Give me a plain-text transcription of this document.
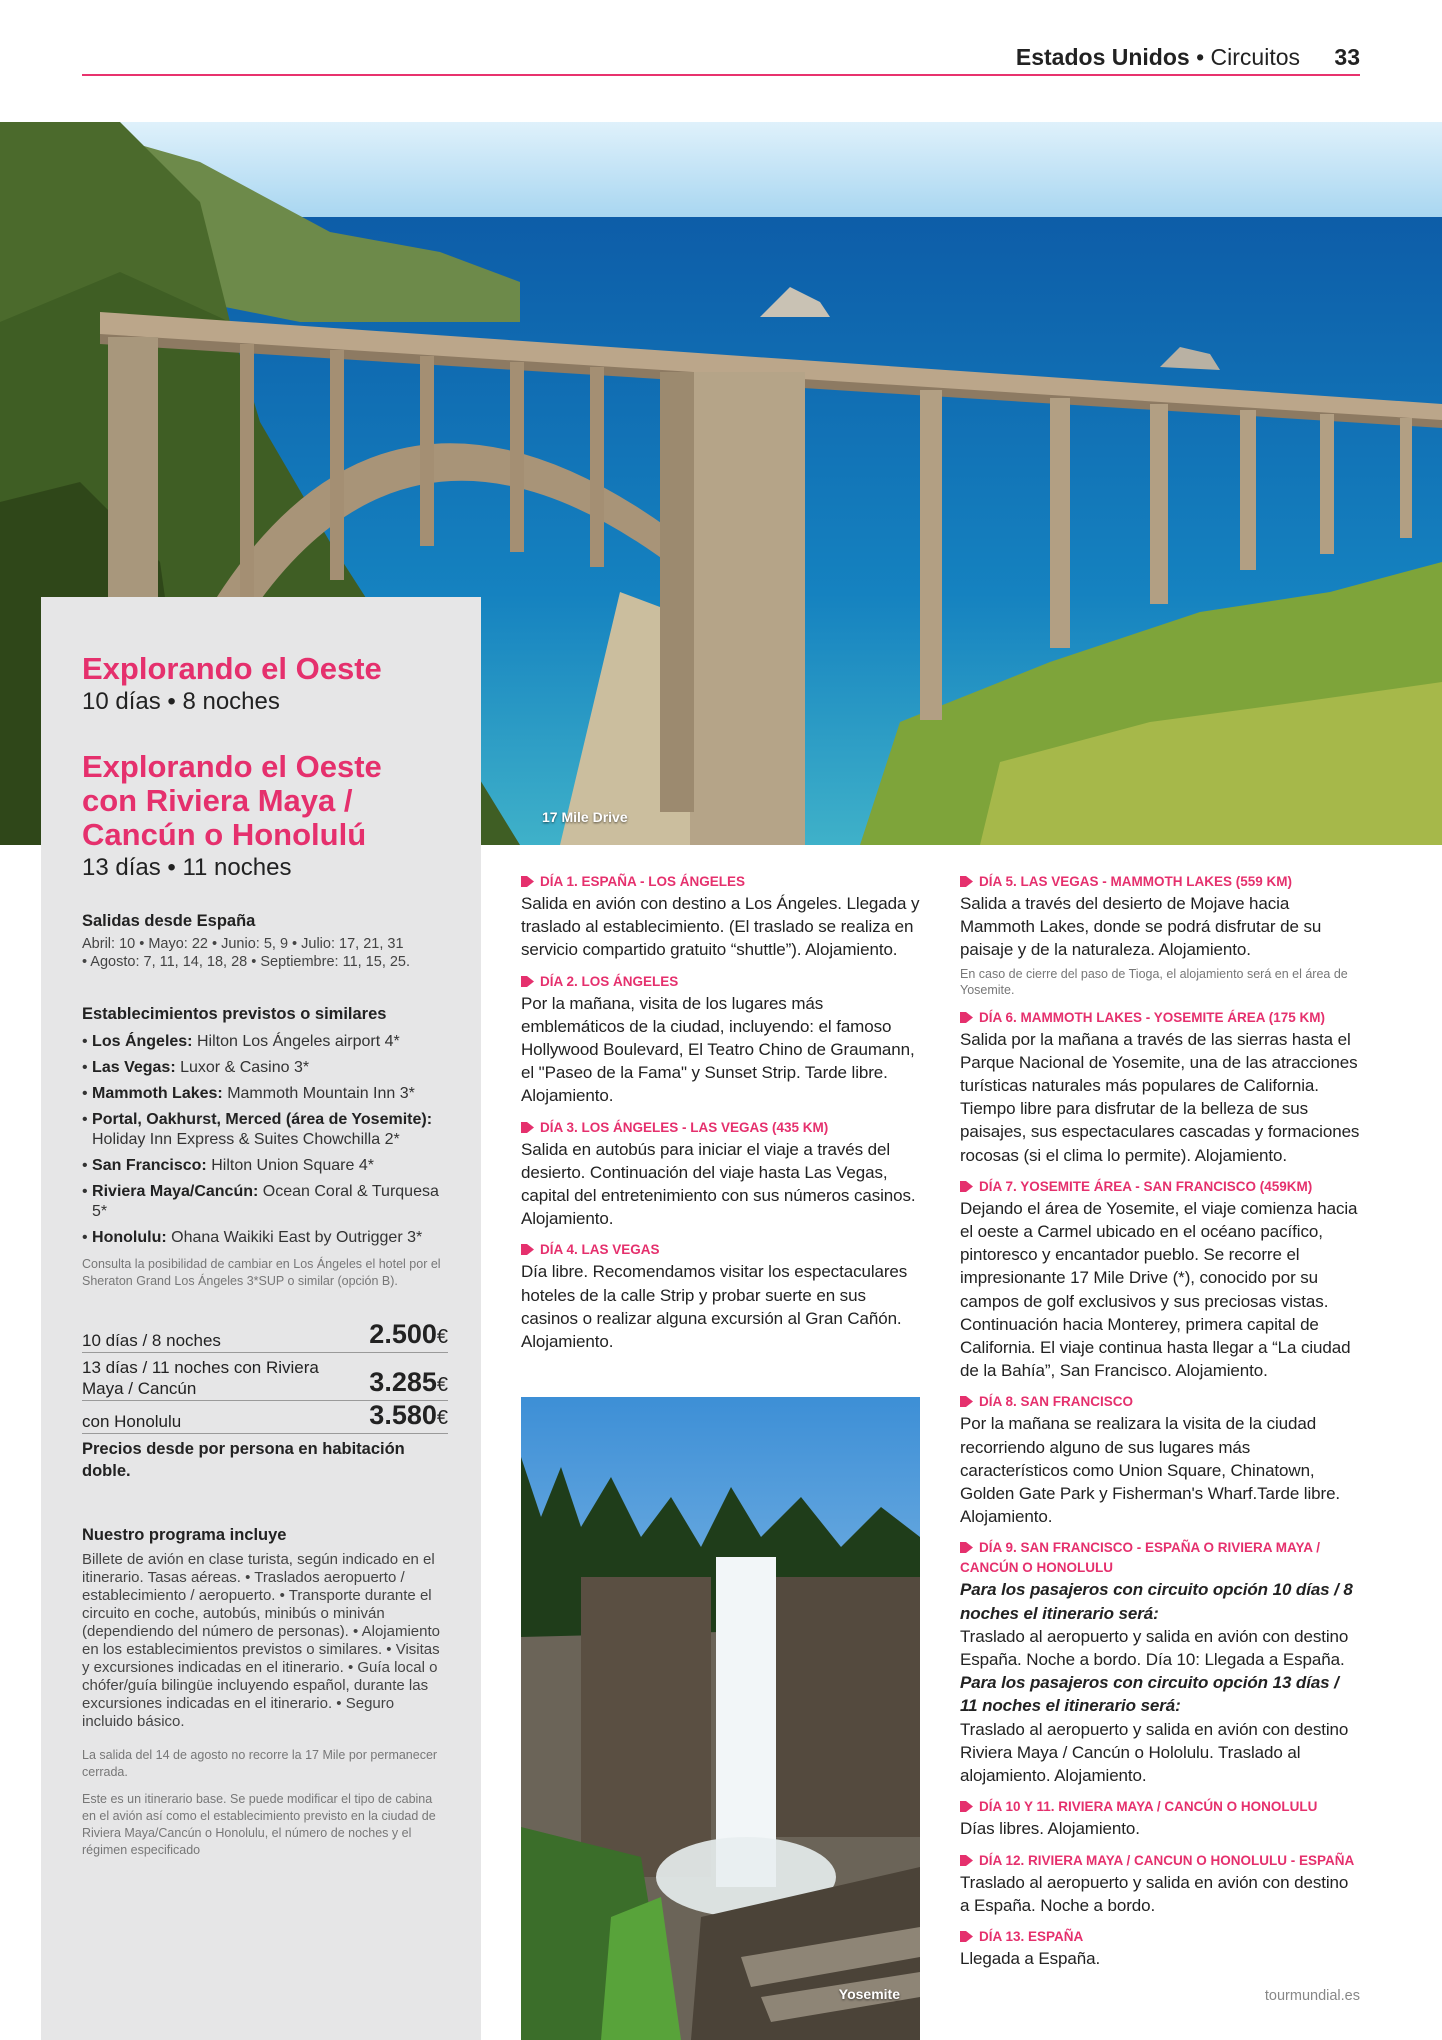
Estados Unidos • Circuitos 33
17 Mile Drive
Explorando el Oeste
10 días • 8 noches
Explorando el Oeste
con Riviera Maya /
Cancún o Honolulú
13 días • 11 noches
Salidas desde España
Abril: 10 • Mayo: 22 • Junio: 5, 9 • Julio: 17, 21, 31
• Agosto: 7, 11, 14, 18, 28 • Septiembre: 11, 15, 25.
Establecimientos previstos o similares
• Los Ángeles: Hilton Los Ángeles airport 4*
• Las Vegas: Luxor & Casino 3*
• Mammoth Lakes: Mammoth Mountain Inn 3*
• Portal, Oakhurst, Merced (área de Yosemite): Holiday Inn Express & Suites Chowchilla 2*
• San Francisco: Hilton Union Square 4*
• Riviera Maya/Cancún: Ocean Coral & Turquesa 5*
• Honolulu: Ohana Waikiki East by Outrigger 3*
Consulta la posibilidad de cambiar en Los Ángeles el hotel por el Sheraton Grand Los Ángeles 3*SUP o similar (opción B).
10 días / 8 noches	2.500€
13 días / 11 noches con Riviera Maya / Cancún	3.285€
con Honolulu	3.580€
Precios desde por persona en habitación doble.
Nuestro programa incluye
Billete de avión en clase turista, según indicado en el itinerario. Tasas aéreas. • Traslados aeropuerto / establecimiento / aeropuerto. • Transporte durante el circuito en coche, autobús, minibús o miniván (dependiendo del número de personas). • Alojamiento en los establecimientos previstos o similares. • Visitas y excursiones indicadas en el itinerario. • Guía local o chófer/guía bilingüe incluyendo español, durante las excursiones indicadas en el itinerario. • Seguro incluido básico.
La salida del 14 de agosto no recorre la 17 Mile por permanecer cerrada.
Este es un itinerario base. Se puede modificar el tipo de cabina en el avión así como el establecimiento previsto en la ciudad de Riviera Maya/Cancún o Honolulu, el número de noches y el régimen especificado
DÍA 1. ESPAÑA - LOS ÁNGELES
Salida en avión con destino a Los Ángeles. Llegada y traslado al establecimiento. (El traslado se realiza en servicio compartido gratuito “shuttle”). Alojamiento.
DÍA 2. LOS ÁNGELES
Por la mañana, visita de los lugares más emblemáticos de la ciudad, incluyendo: el famoso Hollywood Boulevard, El Teatro Chino de Graumann, el "Paseo de la Fama" y Sunset Strip. Tarde libre. Alojamiento.
DÍA 3. LOS ÁNGELES - LAS VEGAS (435 KM)
Salida en autobús para iniciar el viaje a través del desierto. Continuación del viaje hasta Las Vegas, capital del entretenimiento con sus números casinos. Alojamiento.
DÍA 4. LAS VEGAS
Día libre. Recomendamos visitar los espectaculares hoteles de la calle Strip y probar suerte en sus casinos o realizar alguna excursión al Gran Cañón. Alojamiento.
Yosemite
DÍA 5. LAS VEGAS - MAMMOTH LAKES (559 KM)
Salida a través del desierto de Mojave hacia Mammoth Lakes, donde se podrá disfrutar de su paisaje y de la naturaleza. Alojamiento.
En caso de cierre del paso de Tioga, el alojamiento será en el área de Yosemite.
DÍA 6. MAMMOTH LAKES - YOSEMITE ÁREA (175 KM)
Salida por la mañana a través de las sierras hasta el Parque Nacional de Yosemite, una de las atracciones turísticas naturales más populares de California. Tiempo libre para disfrutar de la belleza de sus paisajes, sus espectaculares cascadas y formaciones rocosas (si el clima lo permite). Alojamiento.
DÍA 7. YOSEMITE ÁREA - SAN FRANCISCO (459KM)
Dejando el área de Yosemite, el viaje comienza hacia el oeste a Carmel ubicado en el océano pacífico, pintoresco y encantador pueblo. Se recorre el impresionante 17 Mile Drive (*), conocido por su campos de golf exclusivos y sus preciosas vistas. Continuación hacia Monterey, primera capital de California. El viaje continua hasta llegar a “La ciudad de la Bahía”, San Francisco. Alojamiento.
DÍA 8. SAN FRANCISCO
Por la mañana se realizara la visita de la ciudad recorriendo alguno de sus lugares más característicos como Union Square, Chinatown, Golden Gate Park y Fisherman's Wharf.Tarde libre. Alojamiento.
DÍA 9. SAN FRANCISCO - ESPAÑA O RIVIERA MAYA / CANCÚN O HONOLULU
Para los pasajeros con circuito opción 10 días / 8 noches el itinerario será:
Traslado al aeropuerto y salida en avión con destino España. Noche a bordo. Día 10: Llegada a España.
Para los pasajeros con circuito opción 13 días / 11 noches el itinerario será:
Traslado al aeropuerto y salida en avión con destino Riviera Maya / Cancún o Hololulu. Traslado al alojamiento. Alojamiento.
DÍA 10 Y 11. RIVIERA MAYA / CANCÚN O HONOLULU
Días libres. Alojamiento.
DÍA 12. RIVIERA MAYA / CANCUN O HONOLULU - ESPAÑA
Traslado al aeropuerto y salida en avión con destino a España. Noche a bordo.
DÍA 13. ESPAÑA
Llegada a España.
tourmundial.es
